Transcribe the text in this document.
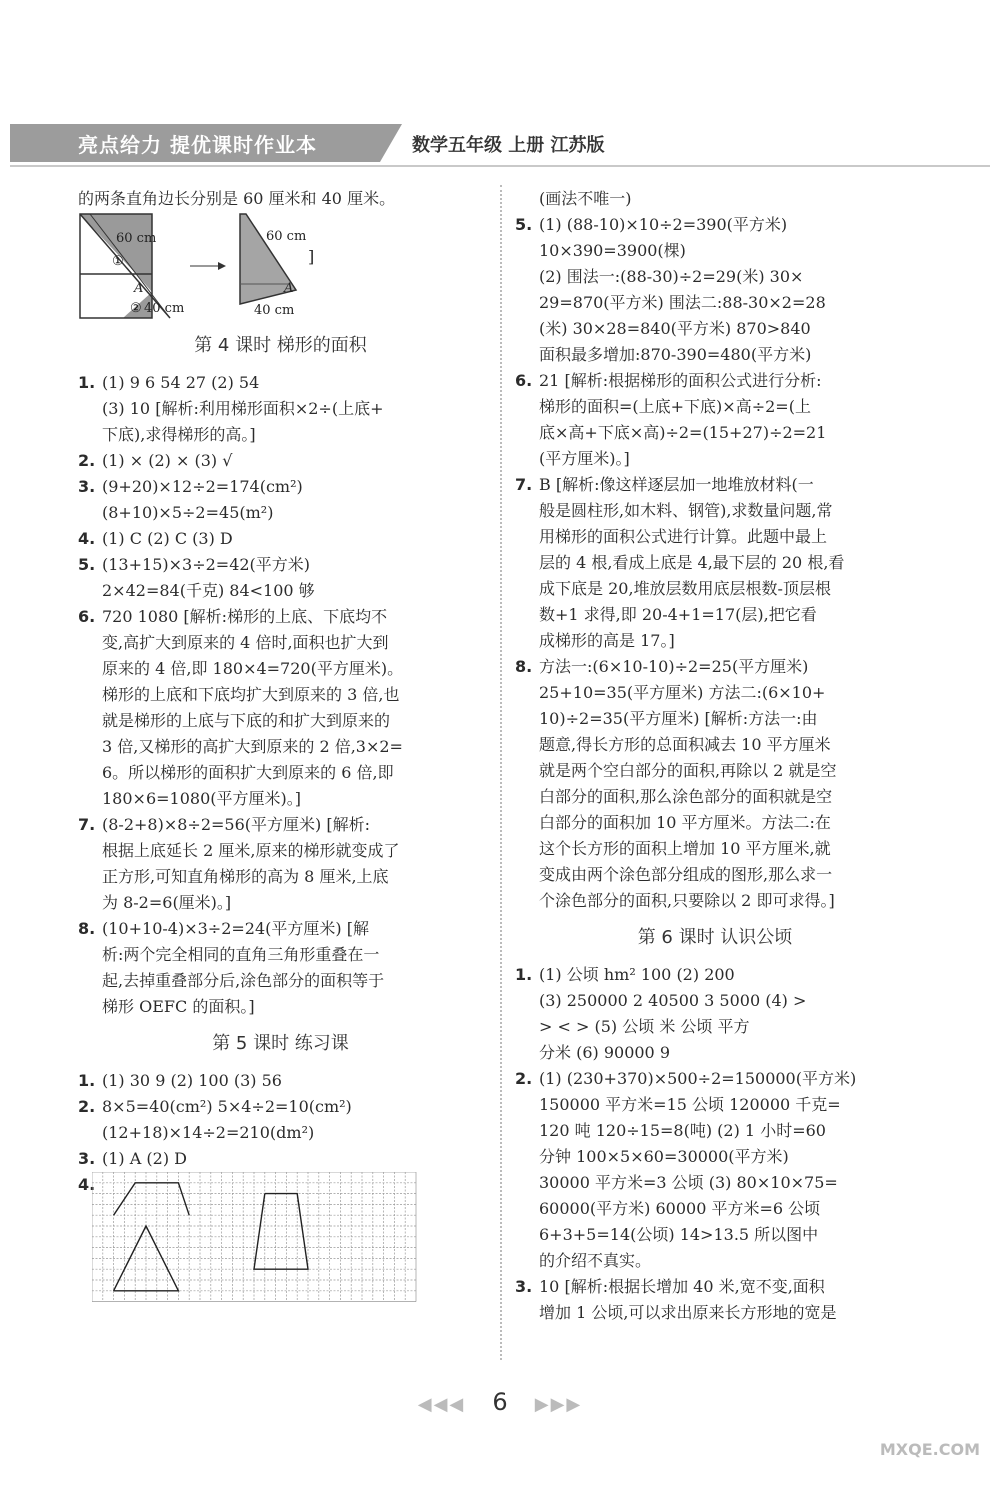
亮点给力 提优课时作业本	数学五年级 上册 江苏版
的两条直角边长分别是 60 厘米和 40 厘米。
①
②
60 cm
A
40 cm
60 cm
A
40 cm
]
第 4 课时 梯形的面积
1. (1) 9 6 54 27 (2) 54
(3) 10 [解析:利用梯形面积×2÷(上底+
下底),求得梯形的高。]
2. (1) × (2) × (3) √
3. (9+20)×12÷2=174(cm²)
(8+10)×5÷2=45(m²)
4. (1) C (2) C (3) D
5. (13+15)×3÷2=42(平方米)
2×42=84(千克) 84<100 够
6. 720 1080 [解析:梯形的上底、下底均不
变,高扩大到原来的 4 倍时,面积也扩大到
原来的 4 倍,即 180×4=720(平方厘米)。
梯形的上底和下底均扩大到原来的 3 倍,也
就是梯形的上底与下底的和扩大到原来的
3 倍,又梯形的高扩大到原来的 2 倍,3×2=
6。所以梯形的面积扩大到原来的 6 倍,即
180×6=1080(平方厘米)。]
7. (8-2+8)×8÷2=56(平方厘米) [解析:
根据上底延长 2 厘米,原来的梯形就变成了
正方形,可知直角梯形的高为 8 厘米,上底
为 8-2=6(厘米)。]
8. (10+10-4)×3÷2=24(平方厘米) [解
析:两个完全相同的直角三角形重叠在一
起,去掉重叠部分后,涂色部分的面积等于
梯形 OEFC 的面积。]
第 5 课时 练习课
1. (1) 30 9 (2) 100 (3) 56
2. 8×5=40(cm²) 5×4÷2=10(cm²)
(12+18)×14÷2=210(dm²)
3. (1) A (2) D
4.
(画法不唯一)
5. (1) (88-10)×10÷2=390(平方米)
10×390=3900(棵)
(2) 围法一:(88-30)÷2=29(米) 30×
29=870(平方米) 围法二:88-30×2=28
(米) 30×28=840(平方米) 870>840
面积最多增加:870-390=480(平方米)
6. 21 [解析:根据梯形的面积公式进行分析:
梯形的面积=(上底+下底)×高÷2=(上
底×高+下底×高)÷2=(15+27)÷2=21
(平方厘米)。]
7. B [解析:像这样逐层加一地堆放材料(一
般是圆柱形,如木料、钢管),求数量问题,常
用梯形的面积公式进行计算。此题中最上
层的 4 根,看成上底是 4,最下层的 20 根,看
成下底是 20,堆放层数用底层根数-顶层根
数+1 求得,即 20-4+1=17(层),把它看
成梯形的高是 17。]
8. 方法一:(6×10-10)÷2=25(平方厘米)
25+10=35(平方厘米) 方法二:(6×10+
10)÷2=35(平方厘米) [解析:方法一:由
题意,得长方形的总面积减去 10 平方厘米
就是两个空白部分的面积,再除以 2 就是空
白部分的面积,那么涂色部分的面积就是空
白部分的面积加 10 平方厘米。方法二:在
这个长方形的面积上增加 10 平方厘米,就
变成由两个涂色部分组成的图形,那么求一
个涂色部分的面积,只要除以 2 即可求得。]
第 6 课时 认识公顷
1. (1) 公顷 hm² 100 (2) 200
(3) 250000 2 40500 3 5000 (4) >
> < > (5) 公顷 米 公顷 平方
分米 (6) 90000 9
2. (1) (230+370)×500÷2=150000(平方米)
150000 平方米=15 公顷 120000 千克=
120 吨 120÷15=8(吨) (2) 1 小时=60
分钟 100×5×60=30000(平方米)
30000 平方米=3 公顷 (3) 80×10×75=
60000(平方米) 60000 平方米=6 公顷
6+3+5=14(公顷) 14>13.5 所以图中
的介绍不真实。
3. 10 [解析:根据长增加 40 米,宽不变,面积
增加 1 公顷,可以求出原来长方形地的宽是
◀◀◀ 6 ▶▶▶
MXQE.COM
